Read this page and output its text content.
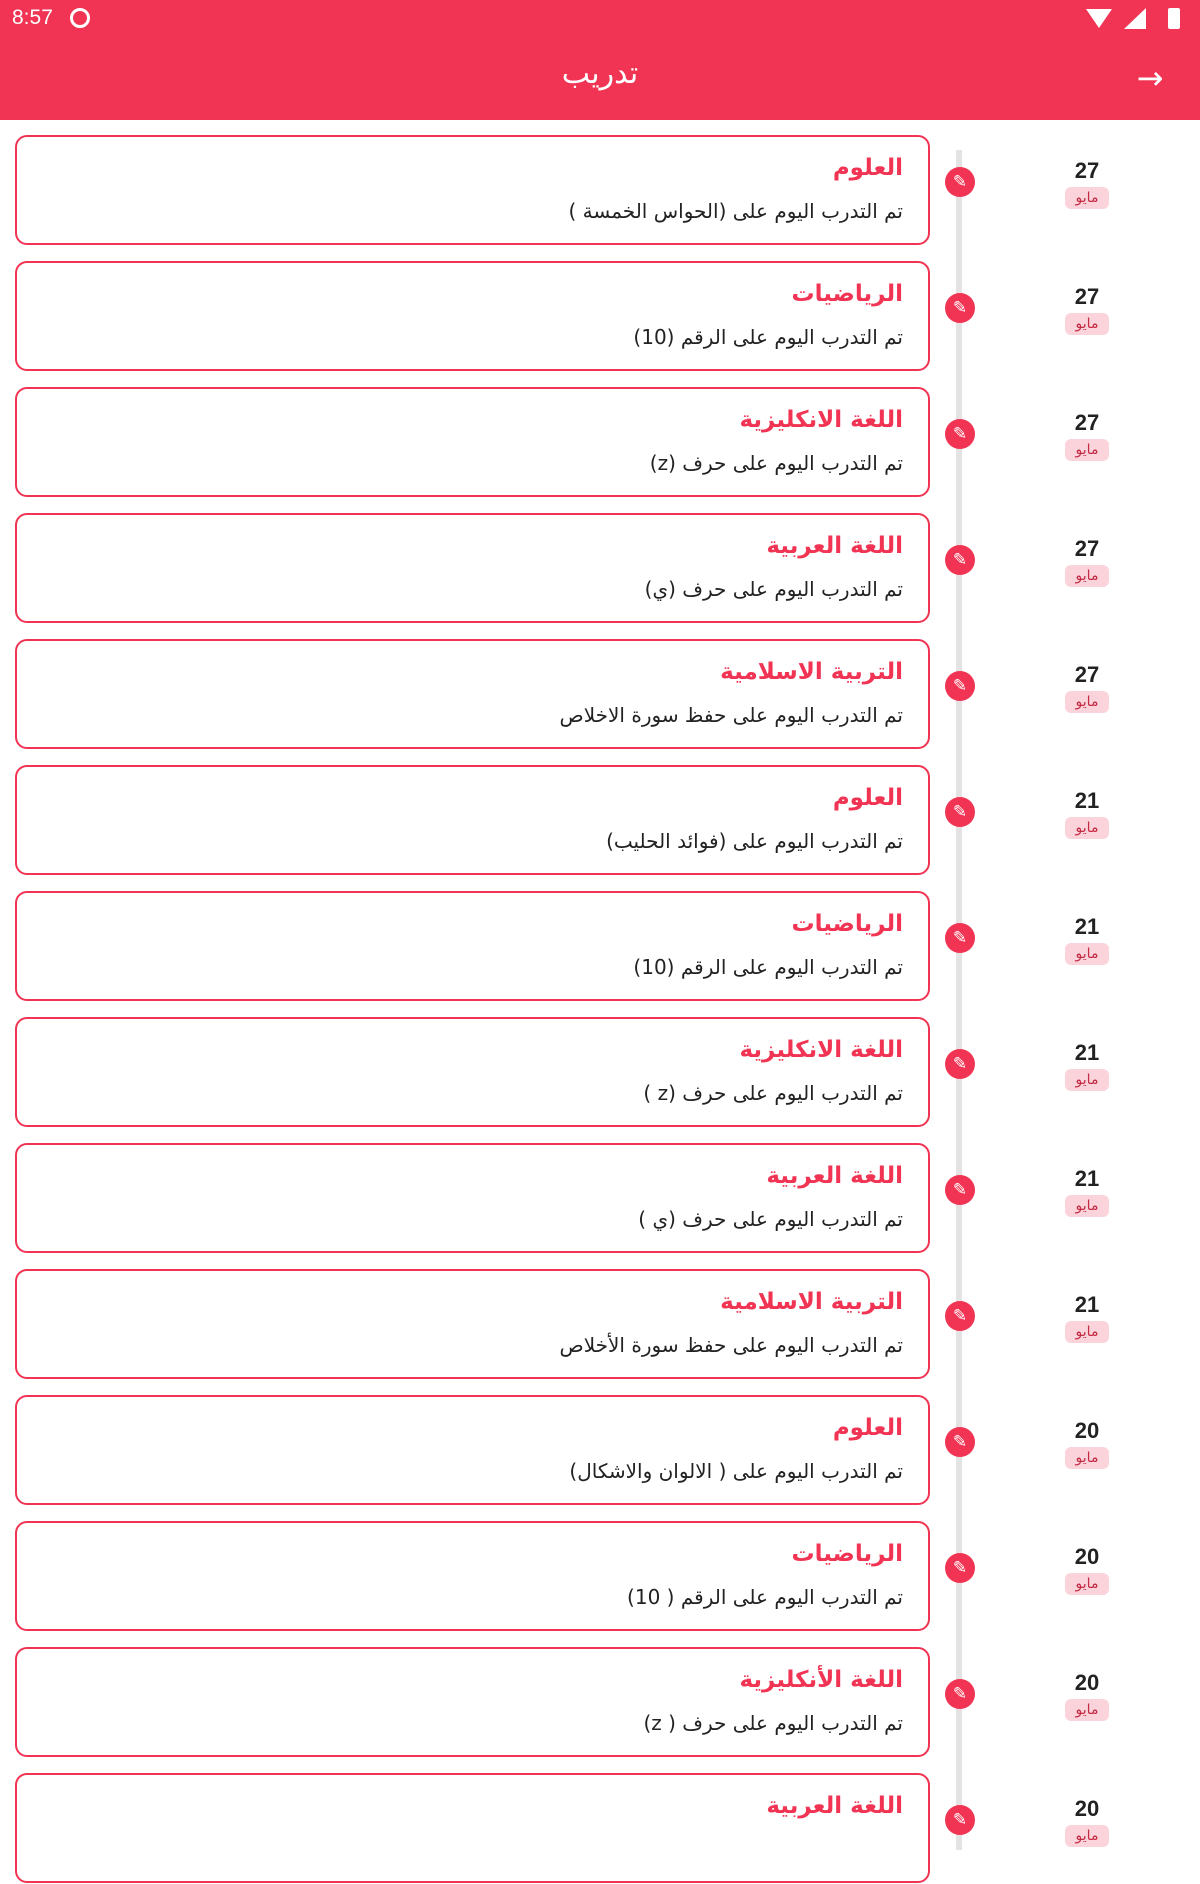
8:57
تدريب	→
العلوم
تم التدرب اليوم على (الحواس الخمسة )
✎	27
مايو
الرياضيات
تم التدرب اليوم على الرقم (10)
✎	27
مايو
اللغة الانكليزية
تم التدرب اليوم على حرف (z)
✎	27
مايو
اللغة العربية
تم التدرب اليوم على حرف (ي)
✎	27
مايو
التربية الاسلامية
تم التدرب اليوم على حفظ سورة الاخلاص
✎	27
مايو
العلوم
تم التدرب اليوم على (فوائد الحليب)
✎	21
مايو
الرياضيات
تم التدرب اليوم على الرقم (10)
✎	21
مايو
اللغة الانكليزية
تم التدرب اليوم على حرف (z )
✎	21
مايو
اللغة العربية
تم التدرب اليوم على حرف (ي )
✎	21
مايو
التربية الاسلامية
تم التدرب اليوم على حفظ سورة الأخلاص
✎	21
مايو
العلوم
تم التدرب اليوم على ( الالوان والاشكال)
✎	20
مايو
الرياضيات
تم التدرب اليوم على الرقم ( 10)
✎	20
مايو
اللغة الأنكليزية
تم التدرب اليوم على حرف ( z)
✎	20
مايو
اللغة العربية
✎	20
مايو
